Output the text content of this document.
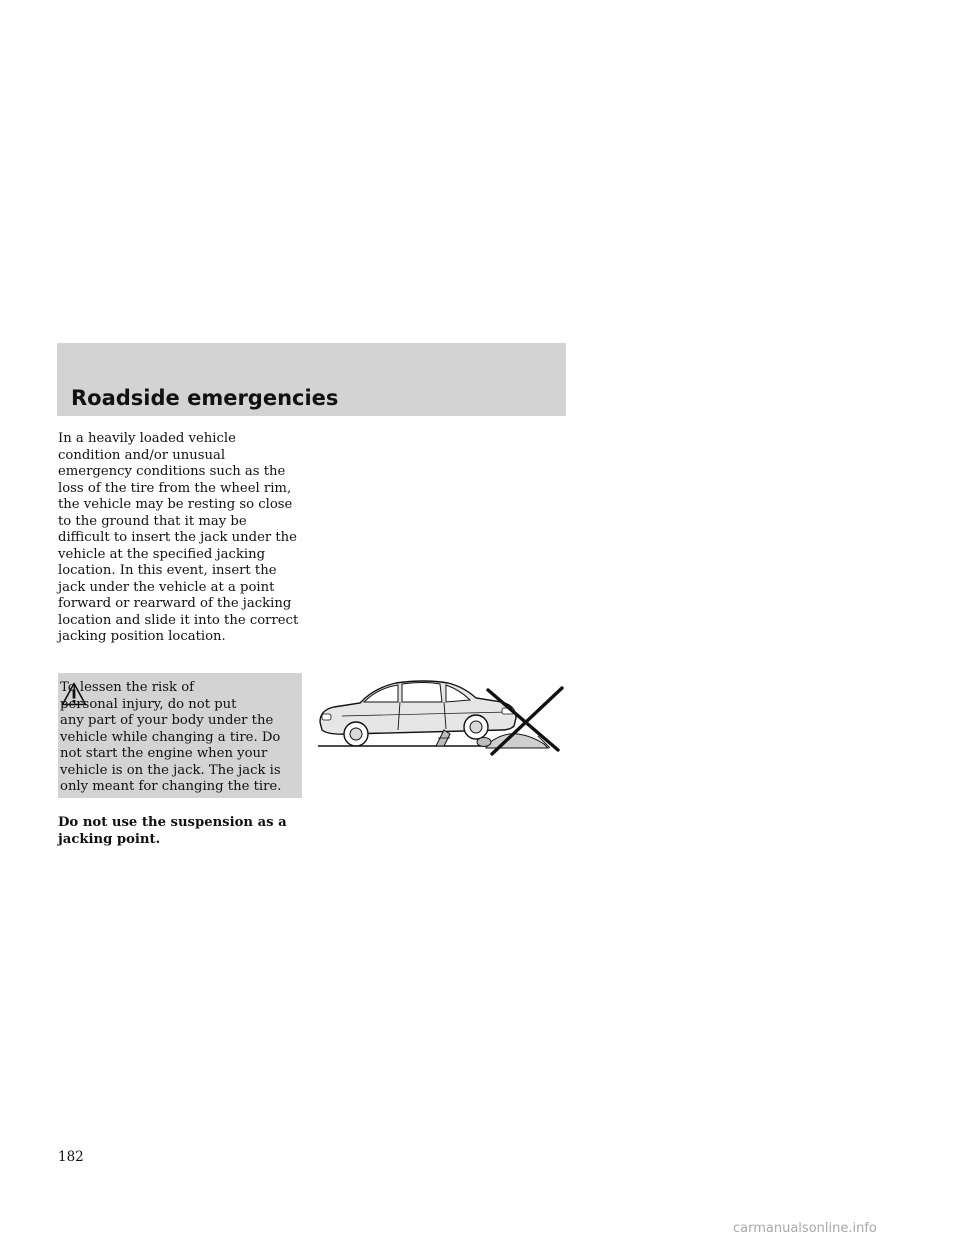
Roadside emergencies

In a heavily loaded vehicle
condition and/or unusual
emergency conditions such as the
loss of the tire from the wheel rim,
the vehicle may be resting so close
to the ground that it may be
difficult to insert the jack under the
vehicle at the specified jacking
location. In this event, insert the
jack under the vehicle at a point
forward or rearward of the jacking
location and slide it into the correct
jacking position location.

To lessen the risk of
personal injury, do not put
any part of your body under the
vehicle while changing a tire. Do
not start the engine when your
vehicle is on the jack. The jack is
only meant for changing the tire.

Do not use the suspension as a
jacking point.

182

carmanualsonline.info
